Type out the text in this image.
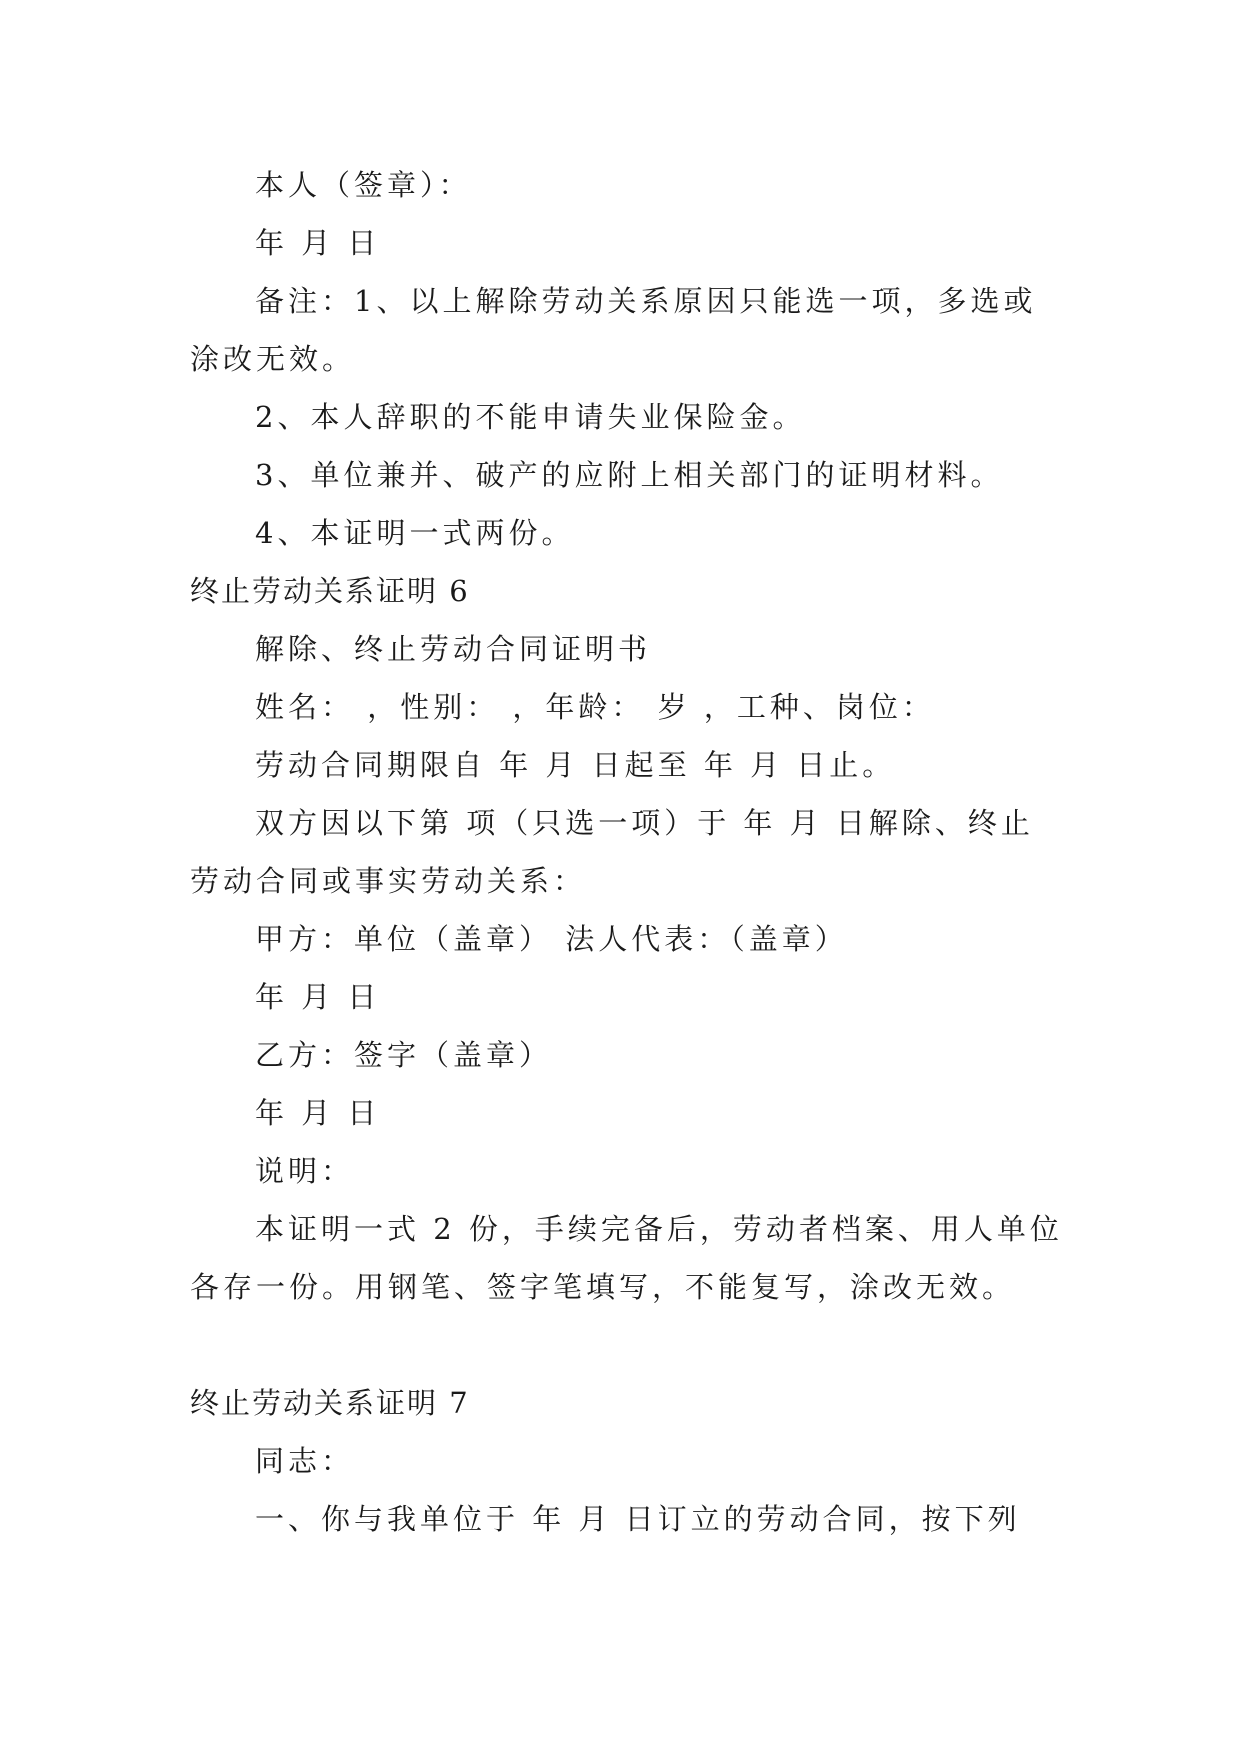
本人（签章）：

年 月 日

备注：1、以上解除劳动关系原因只能选一项，多选或

涂改无效。

2、本人辞职的不能申请失业保险金。

3、单位兼并、破产的应附上相关部门的证明材料。

4、本证明一式两份。

终止劳动关系证明 6

解除、终止劳动合同证明书

姓名： ，性别： ，年龄： 岁 ，工种、岗位：

劳动合同期限自 年 月 日起至 年 月 日止。

双方因以下第 项（只选一项）于 年 月 日解除、终止

劳动合同或事实劳动关系：

甲方：单位（盖章） 法人代表：（盖章）

年 月 日

乙方：签字（盖章）

年 月 日

说明：

本证明一式 2 份，手续完备后，劳动者档案、用人单位

各存一份。用钢笔、签字笔填写，不能复写，涂改无效。

终止劳动关系证明 7

同志：

一、你与我单位于 年 月 日订立的劳动合同，按下列
